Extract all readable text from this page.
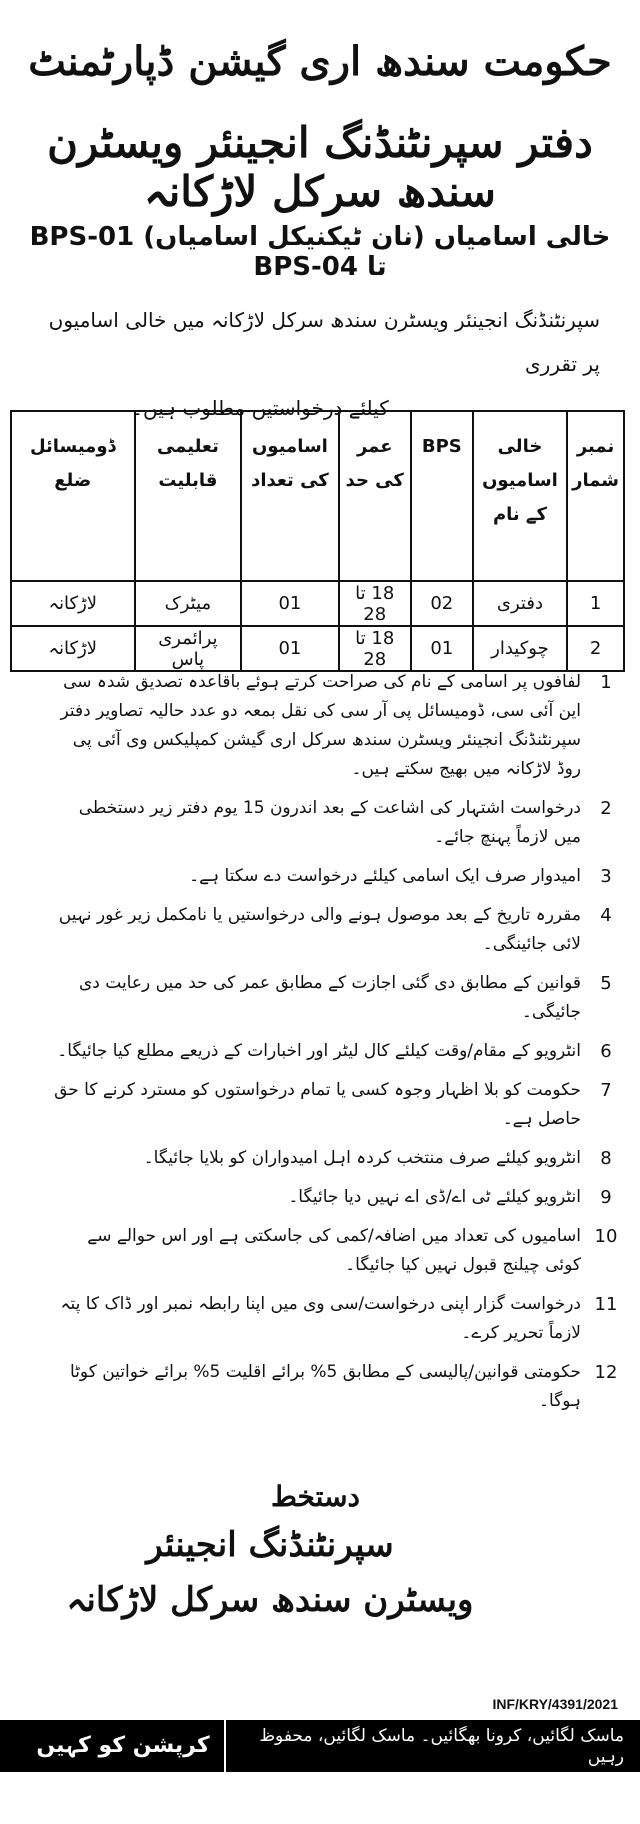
حکومت سندھ اری گیشن ڈپارٹمنٹ
دفتر سپرنٹنڈنگ انجینئر ویسٹرن سندھ سرکل لاڑکانہ
خالی اسامیاں (نان ٹیکنیکل اسامیاں) BPS-01 تا BPS-04
سپرنٹنڈنگ انجینئر ویسٹرن سندھ سرکل لاڑکانہ میں خالی اسامیوں پر تقرری
کیلئے درخواستیں مطلوب ہیں۔
نمبر شمار	خالی اسامیوں کے نام	BPS	عمر کی حد	اسامیوں کی تعداد	تعلیمی قابلیت	ڈومیسائل ضلع
1	دفتری	02	18 تا 28	01	میٹرک	لاڑکانہ
2	چوکیدار	01	18 تا 28	01	پرائمری پاس	لاڑکانہ
1
لفافوں پر اسامی کے نام کی صراحت کرتے ہوئے باقاعدہ تصدیق شدہ سی این آئی سی، ڈومیسائل پی آر سی کی نقل بمعہ دو عدد حالیہ تصاویر دفتر سپرنٹنڈنگ انجینئر ویسٹرن سندھ سرکل اری گیشن کمپلیکس وی آئی پی روڈ لاڑکانہ میں بھیج سکتے ہیں۔
2
درخواست اشتہار کی اشاعت کے بعد اندرون 15 یوم دفتر زیر دستخطی میں لازماً پہنچ جائے۔
3
امیدوار صرف ایک اسامی کیلئے درخواست دے سکتا ہے۔
4
مقررہ تاریخ کے بعد موصول ہونے والی درخواستیں یا نامکمل زیر غور نہیں لائی جائینگی۔
5
قوانین کے مطابق دی گئی اجازت کے مطابق عمر کی حد میں رعایت دی جائیگی۔
6
انٹرویو کے مقام/وقت کیلئے کال لیٹر اور اخبارات کے ذریعے مطلع کیا جائیگا۔
7
حکومت کو بلا اظہار وجوہ کسی یا تمام درخواستوں کو مسترد کرنے کا حق حاصل ہے۔
8
انٹرویو کیلئے صرف منتخب کردہ اہل امیدواران کو بلایا جائیگا۔
9
انٹرویو کیلئے ٹی اے/ڈی اے نہیں دیا جائیگا۔
10
اسامیوں کی تعداد میں اضافہ/کمی کی جاسکتی ہے اور اس حوالے سے کوئی چیلنج قبول نہیں کیا جائیگا۔
11
درخواست گزار اپنی درخواست/سی وی میں اپنا رابطہ نمبر اور ڈاک کا پتہ لازماً تحریر کرے۔
12
حکومتی قوانین/پالیسی کے مطابق 5% برائے اقلیت 5% برائے خواتین کوٹا ہوگا۔
دستخط
سپرنٹنڈنگ انجینئر
ویسٹرن سندھ سرکل لاڑکانہ
INF/KRY/4391/2021
ماسک لگائیں، کرونا بھگائیں۔ ماسک لگائیں، محفوظ رہیں
کرپشن کو کہیں نا
